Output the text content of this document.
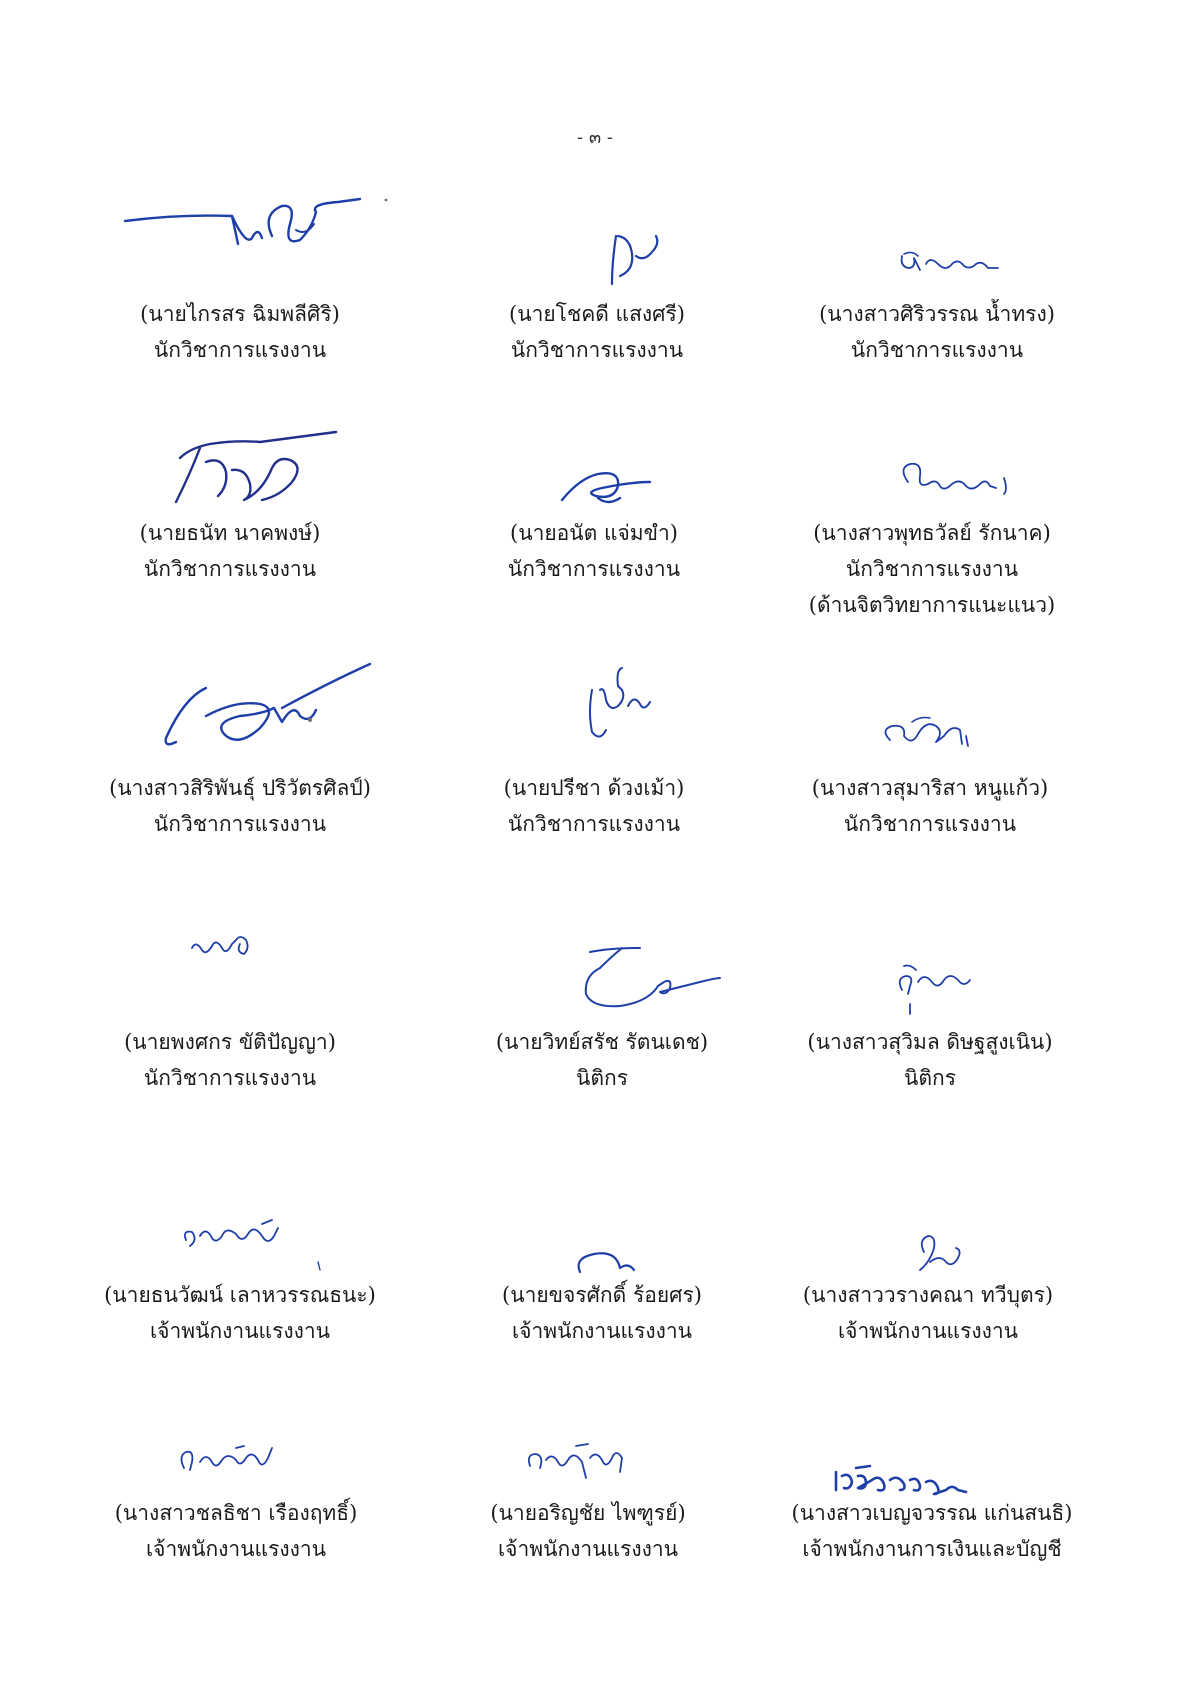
- ๓ -
(นายไกรสร ฉิมพลีศิริ)
นักวิชาการแรงงาน
(นายโชคดี แสงศรี)
นักวิชาการแรงงาน
(นางสาวศิริวรรณ น้ำทรง)
นักวิชาการแรงงาน
(นายธนัท นาคพงษ์)
นักวิชาการแรงงาน
(นายอนัต แจ่มขำ)
นักวิชาการแรงงาน
(นางสาวพุทธวัลย์ รักนาค)
นักวิชาการแรงงาน
(ด้านจิตวิทยาการแนะแนว)
(นางสาวสิริพันธุ์ ปริวัตรศิลป์)
นักวิชาการแรงงาน
(นายปรีชา ด้วงเม้า)
นักวิชาการแรงงาน
(นางสาวสุมาริสา หนูแก้ว)
นักวิชาการแรงงาน
(นายพงศกร ขัติปัญญา)
นักวิชาการแรงงาน
(นายวิทย์สรัช รัตนเดช)
นิติกร
(นางสาวสุวิมล ดิษฐสูงเนิน)
นิติกร
(นายธนวัฒน์ เลาหวรรณธนะ)
เจ้าพนักงานแรงงาน
(นายขจรศักดิ์ ร้อยศร)
เจ้าพนักงานแรงงาน
(นางสาววรางคณา ทวีบุตร)
เจ้าพนักงานแรงงาน
(นางสาวชลธิชา เรืองฤทธิ์)
เจ้าพนักงานแรงงาน
(นายอริญชัย ไพฑูรย์)
เจ้าพนักงานแรงงาน
(นางสาวเบญจวรรณ แก่นสนธิ)
เจ้าพนักงานการเงินและบัญชี
